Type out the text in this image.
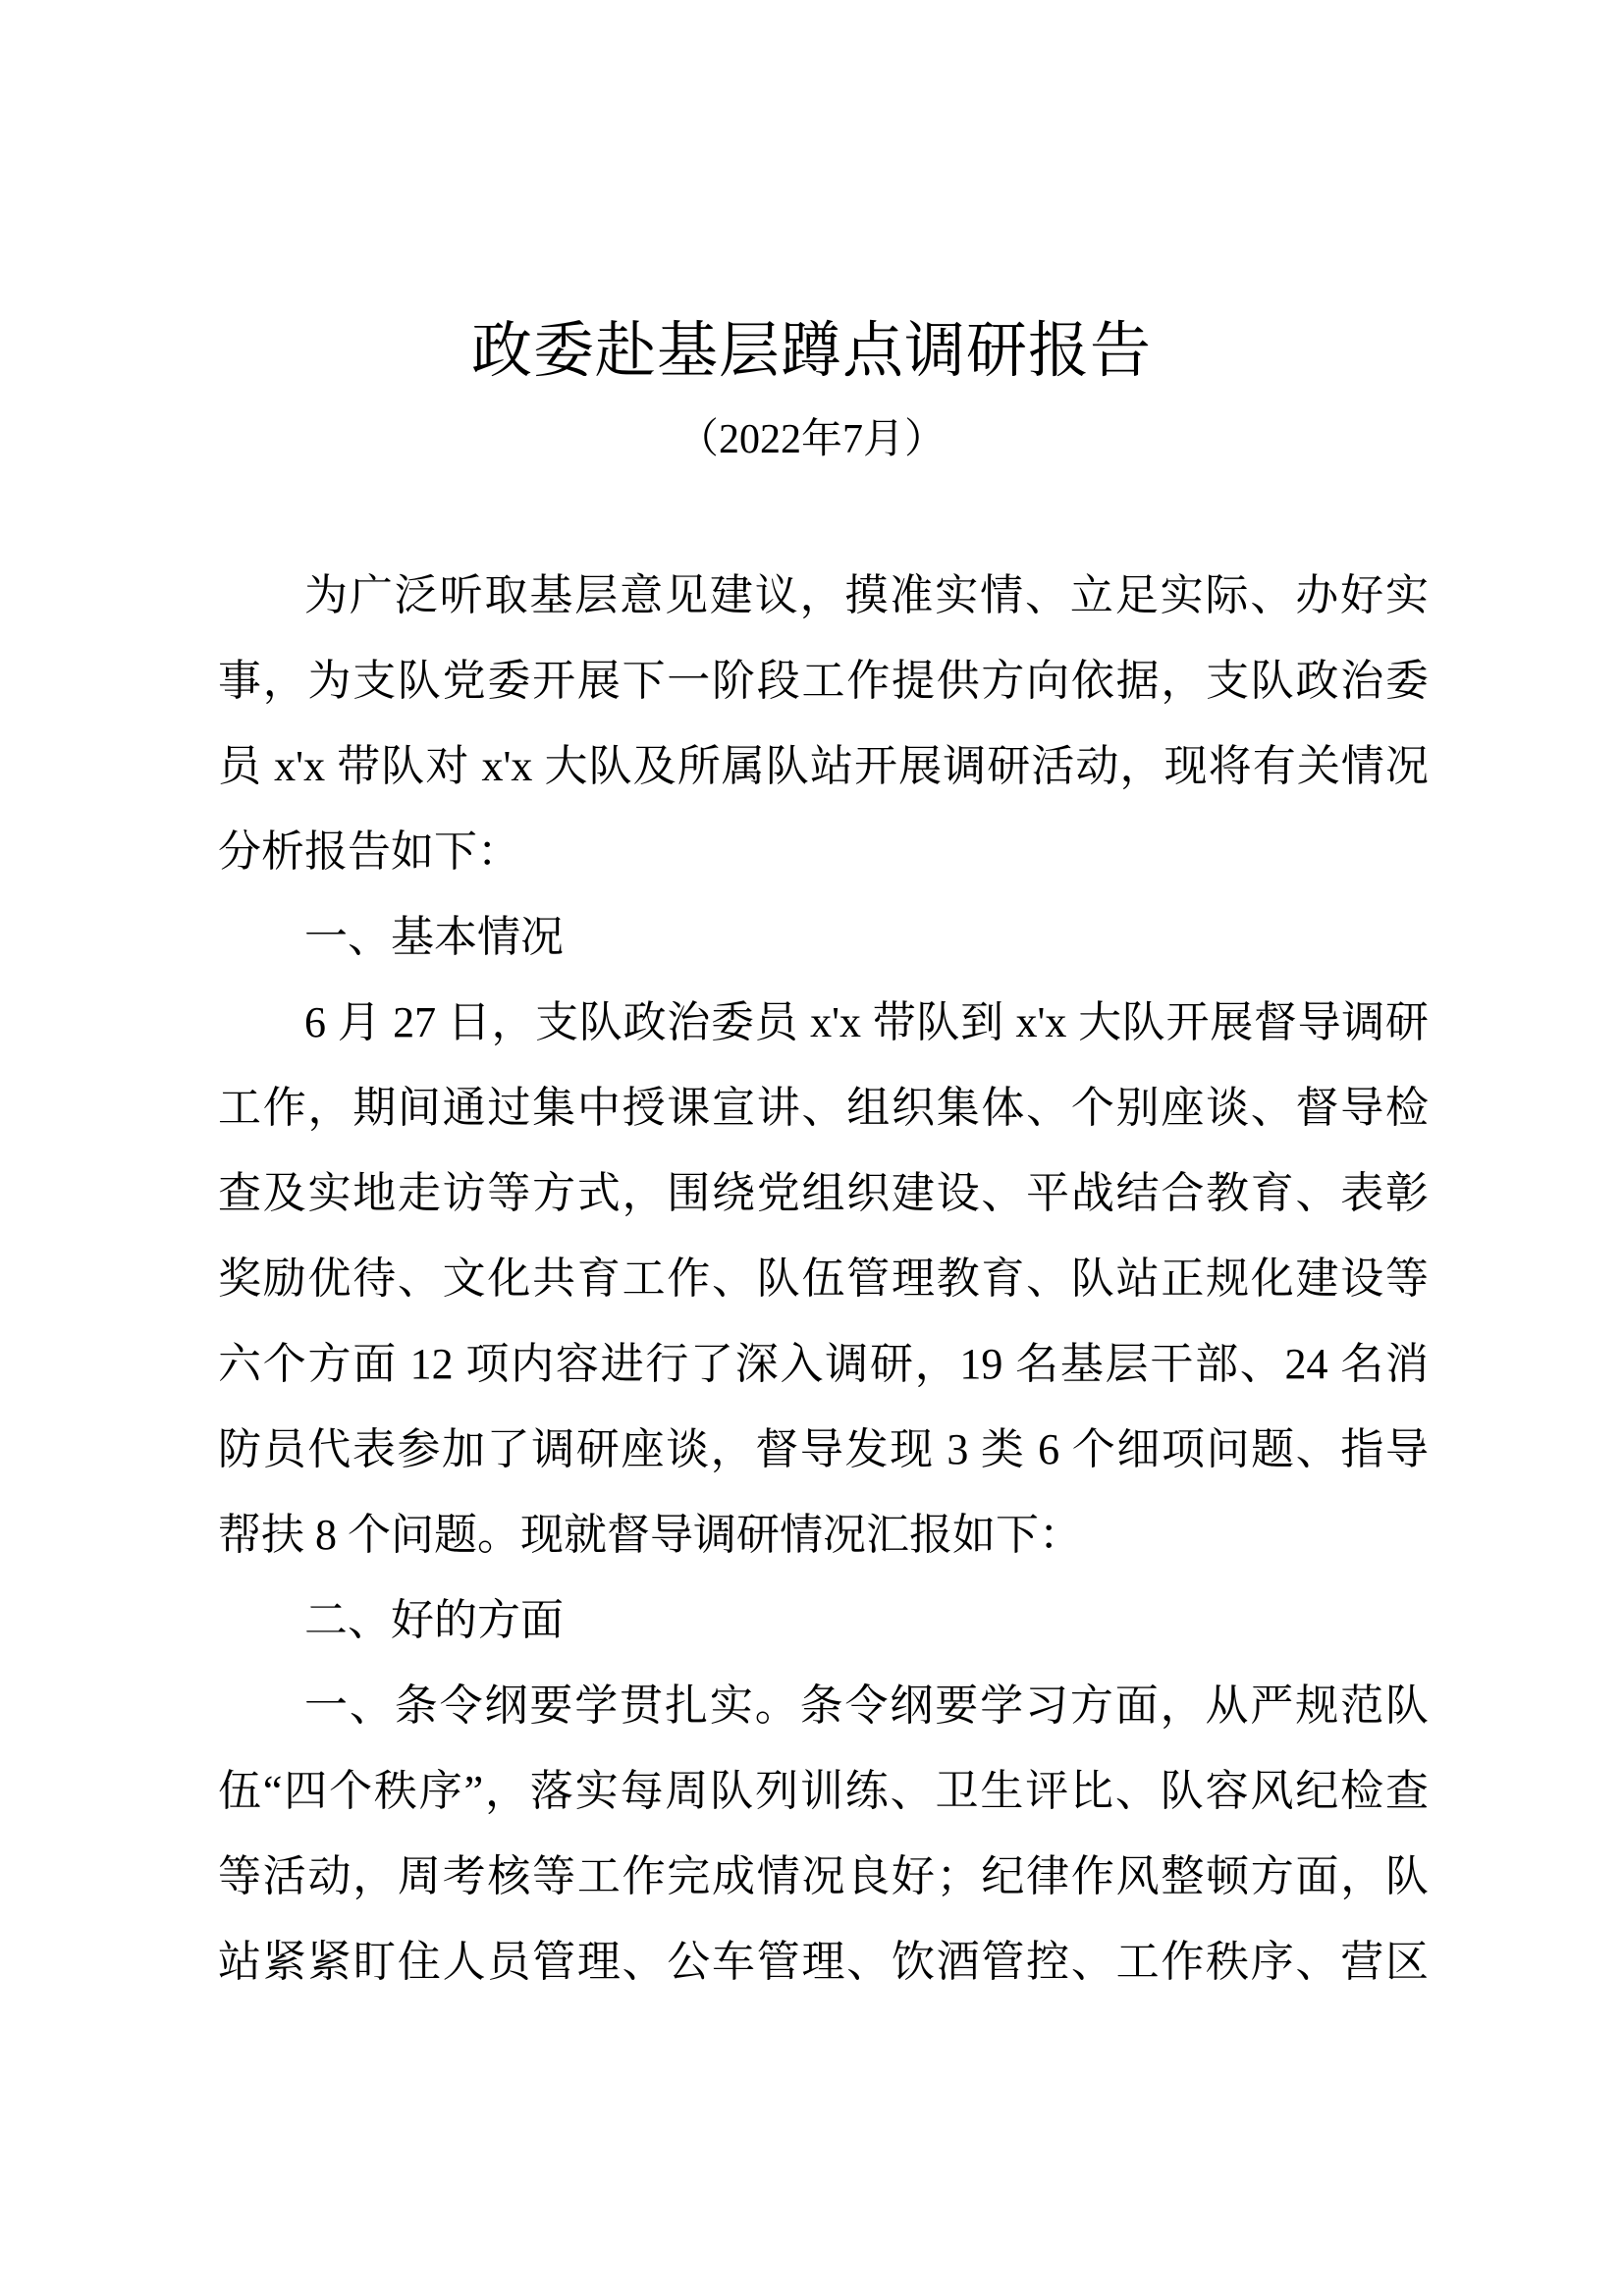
政委赴基层蹲点调研报告
（2022年7月）
为广泛听取基层意见建议，摸准实情、立足实际、办好实
事，为支队党委开展下一阶段工作提供方向依据，支队政治委
员 x'x 带队对 x'x 大队及所属队站开展调研活动，现将有关情况
分析报告如下：
一、基本情况
6 月 27 日，支队政治委员 x'x 带队到 x'x 大队开展督导调研
工作，期间通过集中授课宣讲、组织集体、个别座谈、督导检
查及实地走访等方式，围绕党组织建设、平战结合教育、表彰
奖励优待、文化共育工作、队伍管理教育、队站正规化建设等
六个方面 12 项内容进行了深入调研，19 名基层干部、24 名消
防员代表参加了调研座谈，督导发现 3 类 6 个细项问题、指导
帮扶 8 个问题。现就督导调研情况汇报如下：
二、好的方面
一、条令纲要学贯扎实。条令纲要学习方面，从严规范队
伍“四个秩序”，落实每周队列训练、卫生评比、队容风纪检查
等活动，周考核等工作完成情况良好；纪律作风整顿方面，队
站紧紧盯住人员管理、公车管理、饮酒管控、工作秩序、营区
